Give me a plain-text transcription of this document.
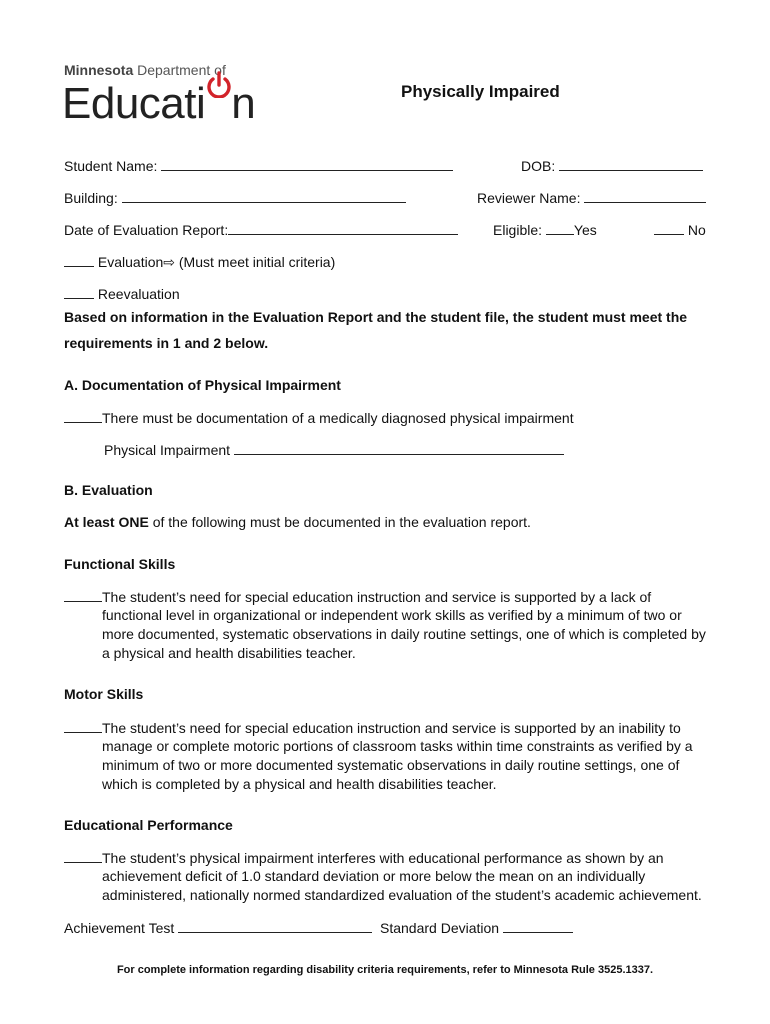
Minnesota Department of
Educati n	Physically Impaired
Student Name:	DOB:
Building:	Reviewer Name:
Date of Evaluation Report:	Eligible: Yes	No
Evaluation⇨ (Must meet initial criteria)
Reevaluation
Based on information in the Evaluation Report and the student file, the student must meet the
requirements in 1 and 2 below.
A. Documentation of Physical Impairment
There must be documentation of a medically diagnosed physical impairment
Physical Impairment
B. Evaluation
At least ONE of the following must be documented in the evaluation report.
Functional Skills
The student’s need for special education instruction and service is supported by a lack of
functional level in organizational or independent work skills as verified by a minimum of two or
more documented, systematic observations in daily routine settings, one of which is completed by
a physical and health disabilities teacher.
Motor Skills
The student’s need for special education instruction and service is supported by an inability to
manage or complete motoric portions of classroom tasks within time constraints as verified by a
minimum of two or more documented systematic observations in daily routine settings, one of
which is completed by a physical and health disabilities teacher.
Educational Performance
The student’s physical impairment interferes with educational performance as shown by an
achievement deficit of 1.0 standard deviation or more below the mean on an individually
administered, nationally normed standardized evaluation of the student’s academic achievement.
Achievement Test	Standard Deviation
For complete information regarding disability criteria requirements, refer to Minnesota Rule 3525.1337.
